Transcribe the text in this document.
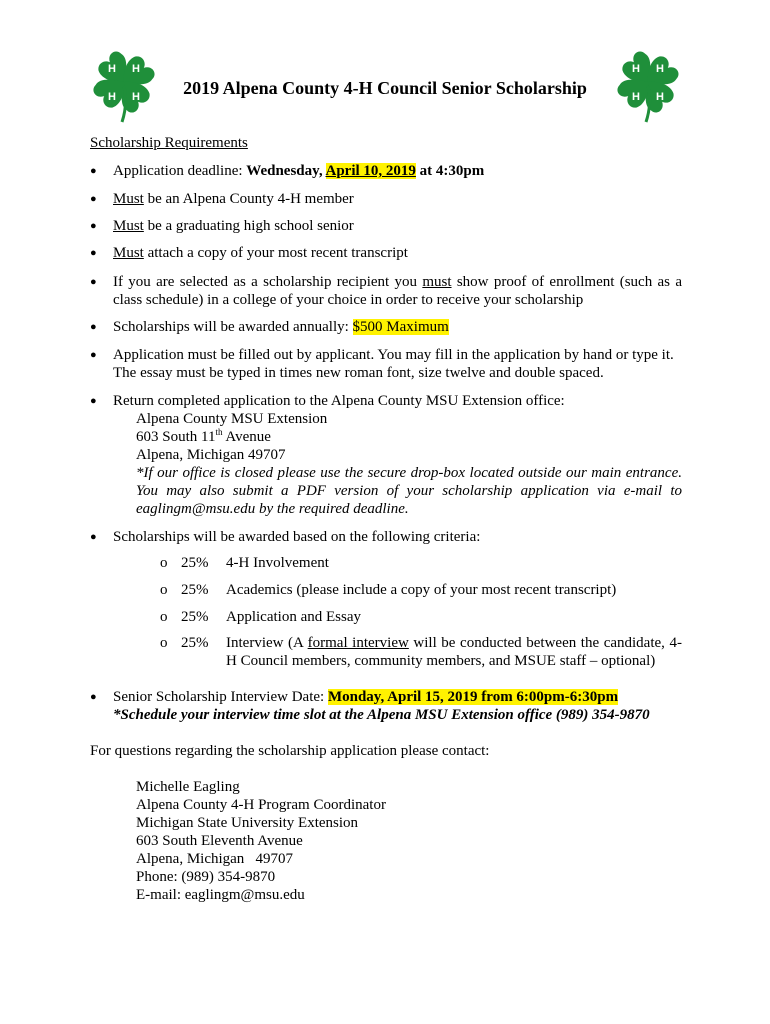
H H
H H
H H
H H
2019 Alpena County 4-H Council Senior Scholarship
Scholarship Requirements
● Application deadline: Wednesday, April 10, 2019 at 4:30pm
● Must be an Alpena County 4-H member
● Must be a graduating high school senior
● Must attach a copy of your most recent transcript
● If you are selected as a scholarship recipient you must show proof of enrollment (such as a class schedule) in a college of your choice in order to receive your scholarship
● Scholarships will be awarded annually: $500 Maximum
● Application must be filled out by applicant. You may fill in the application by hand or type it. The essay must be typed in times new roman font, size twelve and double spaced.
● Return completed application to the Alpena County MSU Extension office:
Alpena County MSU Extension
603 South 11th Avenue
Alpena, Michigan 49707
*If our office is closed please use the secure drop-box located outside our main entrance. You may also submit a PDF version of your scholarship application via e-mail to eaglingm@msu.edu by the required deadline.
● Scholarships will be awarded based on the following criteria:
o 25% 4-H Involvement
o 25% Academics (please include a copy of your most recent transcript)
o 25% Application and Essay
o 25% Interview (A formal interview will be conducted between the candidate, 4-H Council members, community members, and MSUE staff – optional)
● Senior Scholarship Interview Date: Monday, April 15, 2019 from 6:00pm-6:30pm
*Schedule your interview time slot at the Alpena MSU Extension office (989) 354-9870
For questions regarding the scholarship application please contact:
Michelle Eagling
Alpena County 4-H Program Coordinator
Michigan State University Extension
603 South Eleventh Avenue
Alpena, Michigan   49707
Phone: (989) 354-9870
E-mail: eaglingm@msu.edu
